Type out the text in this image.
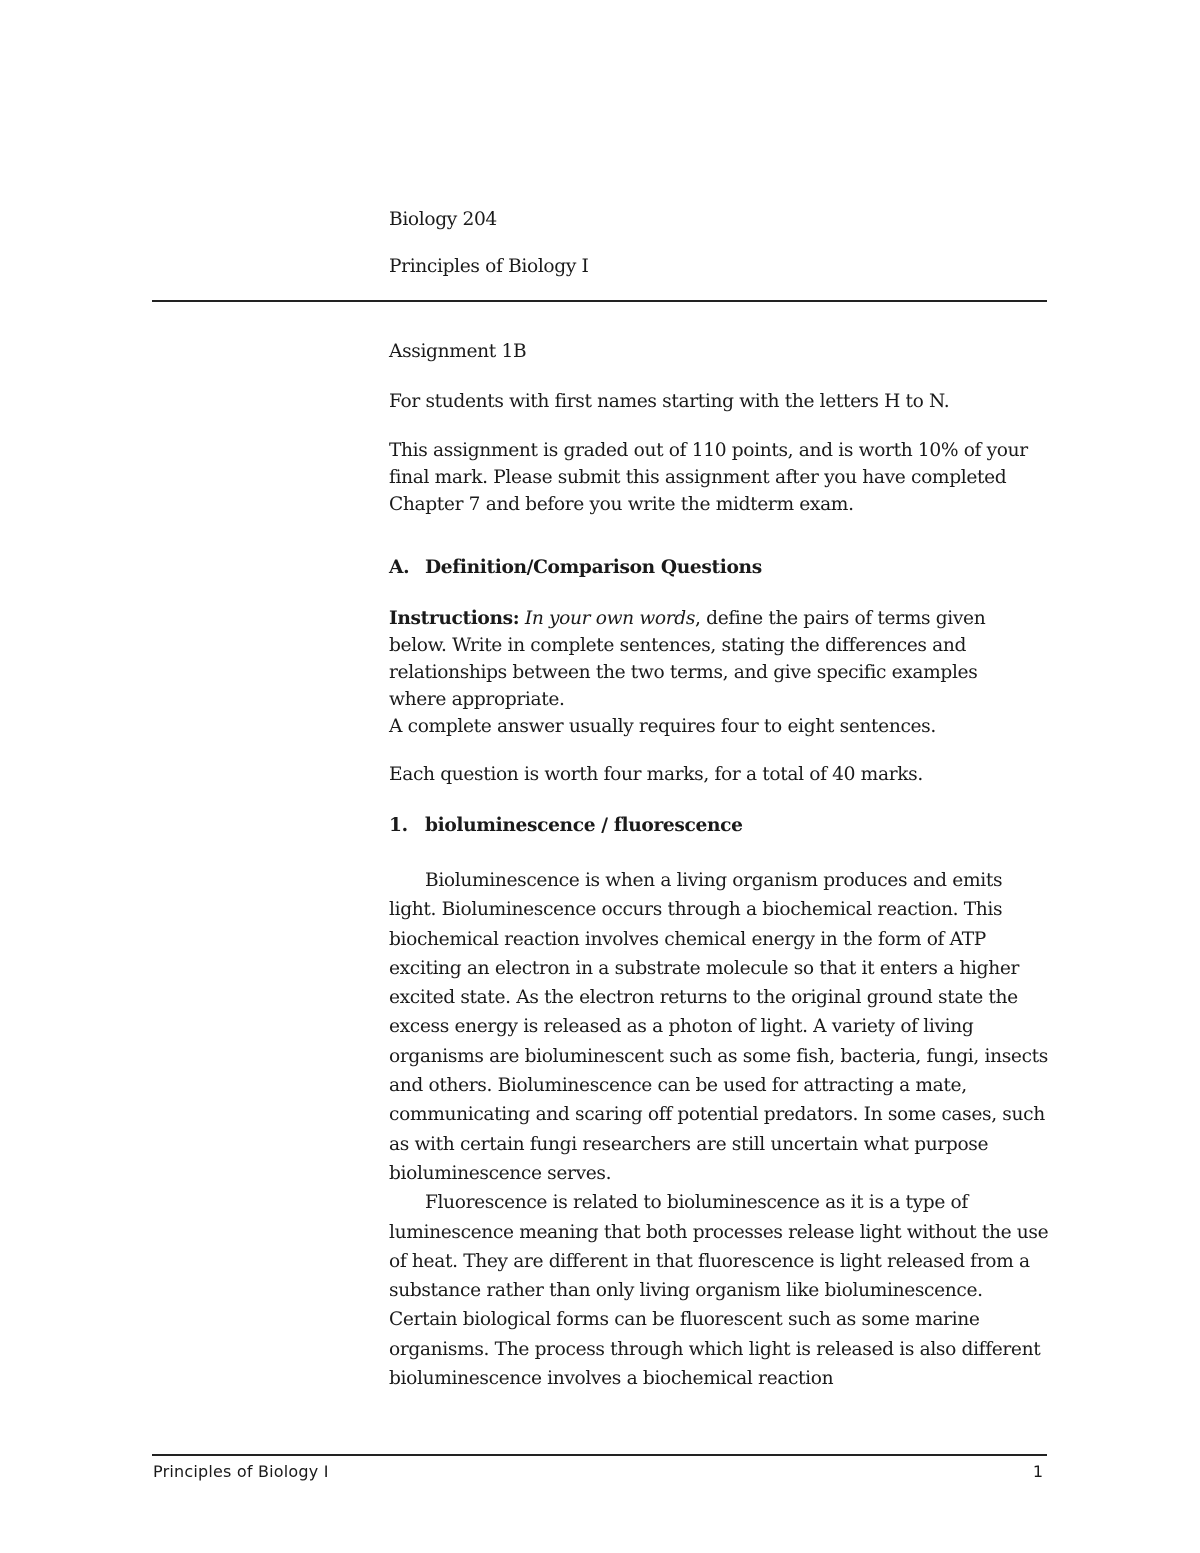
Biology 204
Principles of Biology I
Assignment 1B
For students with first names starting with the letters H to N.
This assignment is graded out of 110 points, and is worth 10% of your final mark. Please submit this assignment after you have completed Chapter 7 and before you write the midterm exam.
A. Definition/Comparison Questions
Instructions: In your own words, define the pairs of terms given below. Write in complete sentences, stating the differences and relationships between the two terms, and give specific examples where appropriate.
A complete answer usually requires four to eight sentences.
Each question is worth four marks, for a total of 40 marks.
1. bioluminescence / fluorescence

Bioluminescence is when a living organism produces and emits light. Bioluminescence occurs through a biochemical reaction. This biochemical reaction involves chemical energy in the form of ATP exciting an electron in a substrate molecule so that it enters a higher excited state. As the electron returns to the original ground state the excess energy is released as a photon of light. A variety of living organisms are bioluminescent such as some fish, bacteria, fungi, insects and others. Bioluminescence can be used for attracting a mate, communicating and scaring off potential predators. In some cases, such as with certain fungi researchers are still uncertain what purpose bioluminescence serves.

Fluorescence is related to bioluminescence as it is a type of luminescence meaning that both processes release light without the use of heat. They are different in that fluorescence is light released from a substance rather than only living organism like bioluminescence. Certain biological forms can be fluorescent such as some marine organisms. The process through which light is released is also different bioluminescence involves a biochemical reaction

Principles of Biology I	1
